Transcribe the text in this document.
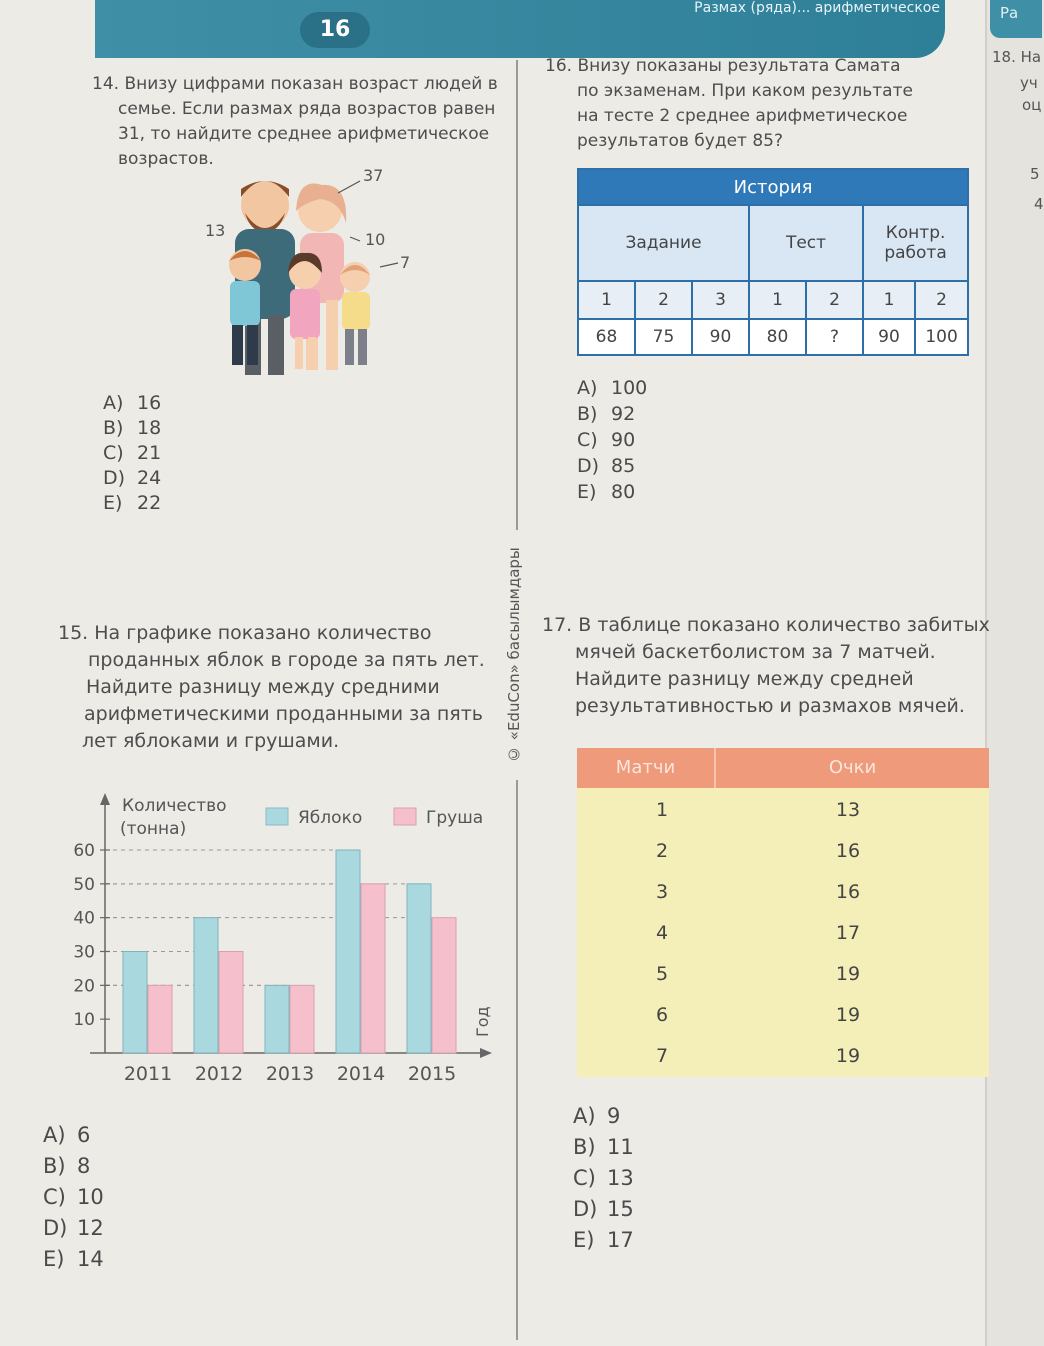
16
Размах (ряда)... арифметическое	Ра
18. На
уч
оц
5
4
© «EduCon» басылымдары
14. Внизу цифрами показан возраст людей в
семье. Если размах ряда возрастов равен
31, то найдите среднее арифметическое
возрастов.
37
13	10
7
A) 16
B) 18
C) 21
D) 24
E) 22
16. Внизу показаны результата Самата
по экзаменам. При каком результате
на тесте 2 среднее арифметическое
результатов будет 85?
История						
Задание			Тест		Контр. работа	
1	2	3	1	2	1	2
68	75	90	80	?	90	100
A) 100
B) 92
C) 90
D) 85
E) 80
15. На графике показано количество
проданных яблок в городе за пять лет.
Найдите разницу между средними
арифметическими проданными за пять
лет яблоками и грушами.
10
20
30
40
50
60
2011 2012 2013 2014 2015
Количество
(тонна)
Яблоко	Груша
Год
A) 6
B) 8
C) 10
D) 12
E) 14
17. В таблице показано количество забитых
мячей баскетболистом за 7 матчей.
Найдите разницу между средней
результативностью и размахов мячей.
Матчи	Очки
1	13
2	16
3	16
4	17
5	19
6	19
7	19
A) 9
B) 11
C) 13
D) 15
E) 17
